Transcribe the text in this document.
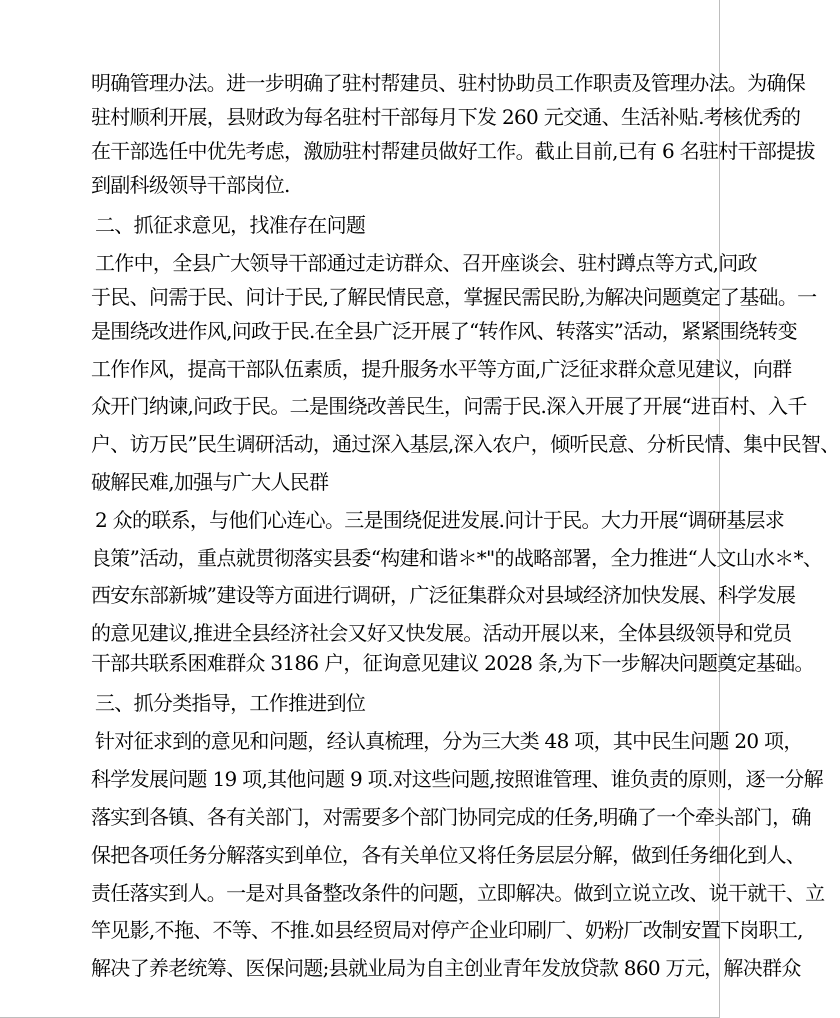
明确管理办法。进一步明确了驻村帮建员、驻村协助员工作职责及管理办法。为确保

驻村顺利开展，县财政为每名驻村干部每月下发 260 元交通、生活补贴.考核优秀的

在干部选任中优先考虑，激励驻村帮建员做好工作。截止目前,已有 6 名驻村干部提拔

到副科级领导干部岗位.

二、抓征求意见，找准存在问题

工作中，全县广大领导干部通过走访群众、召开座谈会、驻村蹲点等方式,问政

于民、问需于民、问计于民,了解民情民意，掌握民需民盼,为解决问题奠定了基础。一

是围绕改进作风,问政于民.在全县广泛开展了“转作风、转落实”活动，紧紧围绕转变

工作作风，提高干部队伍素质，提升服务水平等方面,广泛征求群众意见建议，向群

众开门纳谏,问政于民。二是围绕改善民生，问需于民.深入开展了开展“进百村、入千

户、访万民”民生调研活动，通过深入基层,深入农户，倾听民意、分析民情、集中民智、

破解民难,加强与广大人民群

2 众的联系，与他们心连心。三是围绕促进发展.问计于民。大力开展“调研基层求

良策”活动，重点就贯彻落实县委“构建和谐＊*"的战略部署，全力推进“人文山水＊*、

西安东部新城”建设等方面进行调研，广泛征集群众对县域经济加快发展、科学发展

的意见建议,推进全县经济社会又好又快发展。活动开展以来，全体县级领导和党员

干部共联系困难群众 3186 户，征询意见建议 2028 条,为下一步解决问题奠定基础。

三、抓分类指导，工作推进到位

针对征求到的意见和问题，经认真梳理，分为三大类 48 项，其中民生问题 20 项，

科学发展问题 19 项,其他问题 9 项.对这些问题,按照谁管理、谁负责的原则，逐一分解

落实到各镇、各有关部门，对需要多个部门协同完成的任务,明确了一个牵头部门，确

保把各项任务分解落实到单位，各有关单位又将任务层层分解，做到任务细化到人、

责任落实到人。一是对具备整改条件的问题，立即解决。做到立说立改、说干就干、立

竿见影,不拖、不等、不推.如县经贸局对停产企业印刷厂、奶粉厂改制安置下岗职工,

解决了养老统筹、医保问题;县就业局为自主创业青年发放贷款 860 万元，解决群众
